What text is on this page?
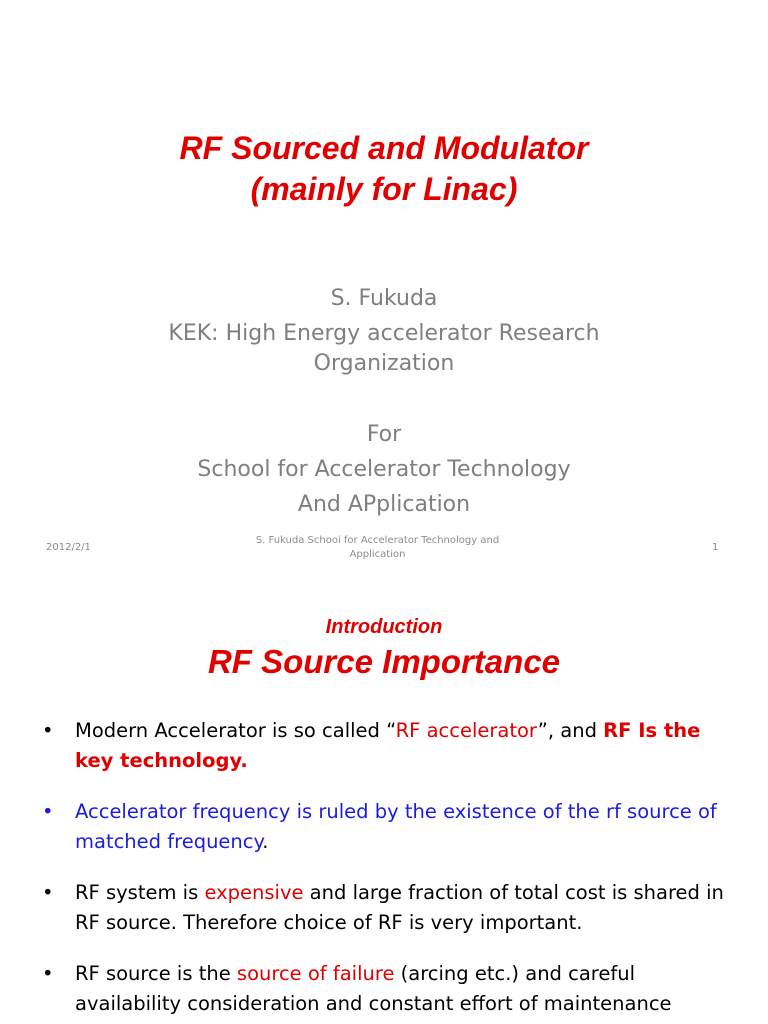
RF Sourced and Modulator
(mainly for Linac)
S. Fukuda
KEK: High Energy accelerator Research
Organization
For
School for Accelerator Technology
And APplication
2012/2/1
S. Fukuda Schooi for Accelerator Technology and
Application
1
Introduction
RF Source Importance
• Modern Accelerator is so called “RF accelerator”, and RF Is the key technology.
• Accelerator frequency is ruled by the existence of the rf source of matched frequency.
• RF system is expensive and large fraction of total cost is shared in RF source. Therefore choice of RF is very important.
• RF source is the source of failure (arcing etc.) and careful availability consideration and constant effort of maintenance
